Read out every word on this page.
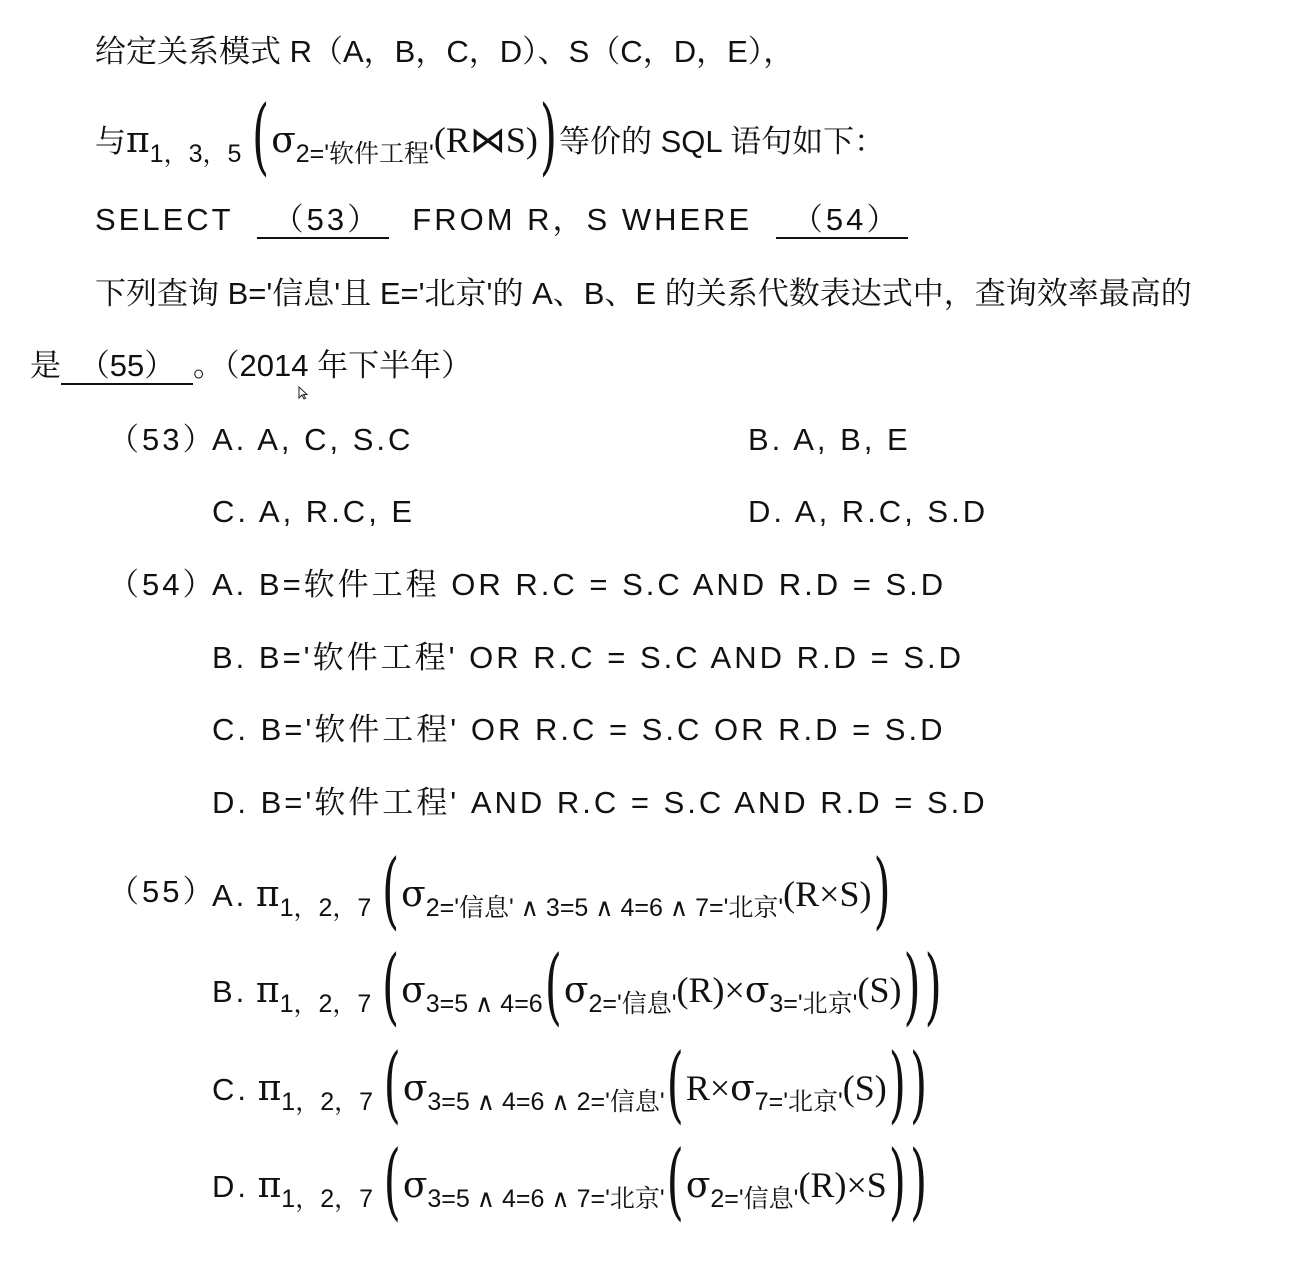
给定关系模式 R（A，B，C，D）、S（C，D，E），
与$\pi_{1,3,5}$ $(\sigma_{2='软件工程'}(R⋈S))$等价的 SQL 语句如下：
SELECT （53） FROM R，S WHERE （54）
下列查询 B='信息'且 E='北京'的 A、B、E 的关系代数表达式中，查询效率最高的
是 （55） 。（2014 年下半年）
（53）
A. A, C, S.C	B. A, B, E
C. A, R.C, E	D. A, R.C, S.D
（54）
A. B=软件工程 OR R.C = S.C AND R.D = S.D
B. B='软件工程' OR R.C = S.C AND R.D = S.D
C. B='软件工程' OR R.C = S.C OR R.D = S.D
D. B='软件工程' AND R.C = S.C AND R.D = S.D
（55）
A. $\pi_{1,2,7}$ $(\sigma_{2='信息' \wedge 3=5 \wedge 4=6 \wedge 7='北京'}(R\times S))$
B. $\pi_{1,2,7}$ $(\sigma_{3=5 \wedge 4=6}(\sigma_{2='信息'}(R)\times\sigma_{3='北京'}(S)))$
C. $\pi_{1,2,7}$ $(\sigma_{3=5 \wedge 4=6 \wedge 2='信息'}(R\times\sigma_{7='北京'}(S)))$
D. $\pi_{1,2,7}$ $(\sigma_{3=5 \wedge 4=6 \wedge 7='北京'}(\sigma_{2='信息'}(R)\times S))$
